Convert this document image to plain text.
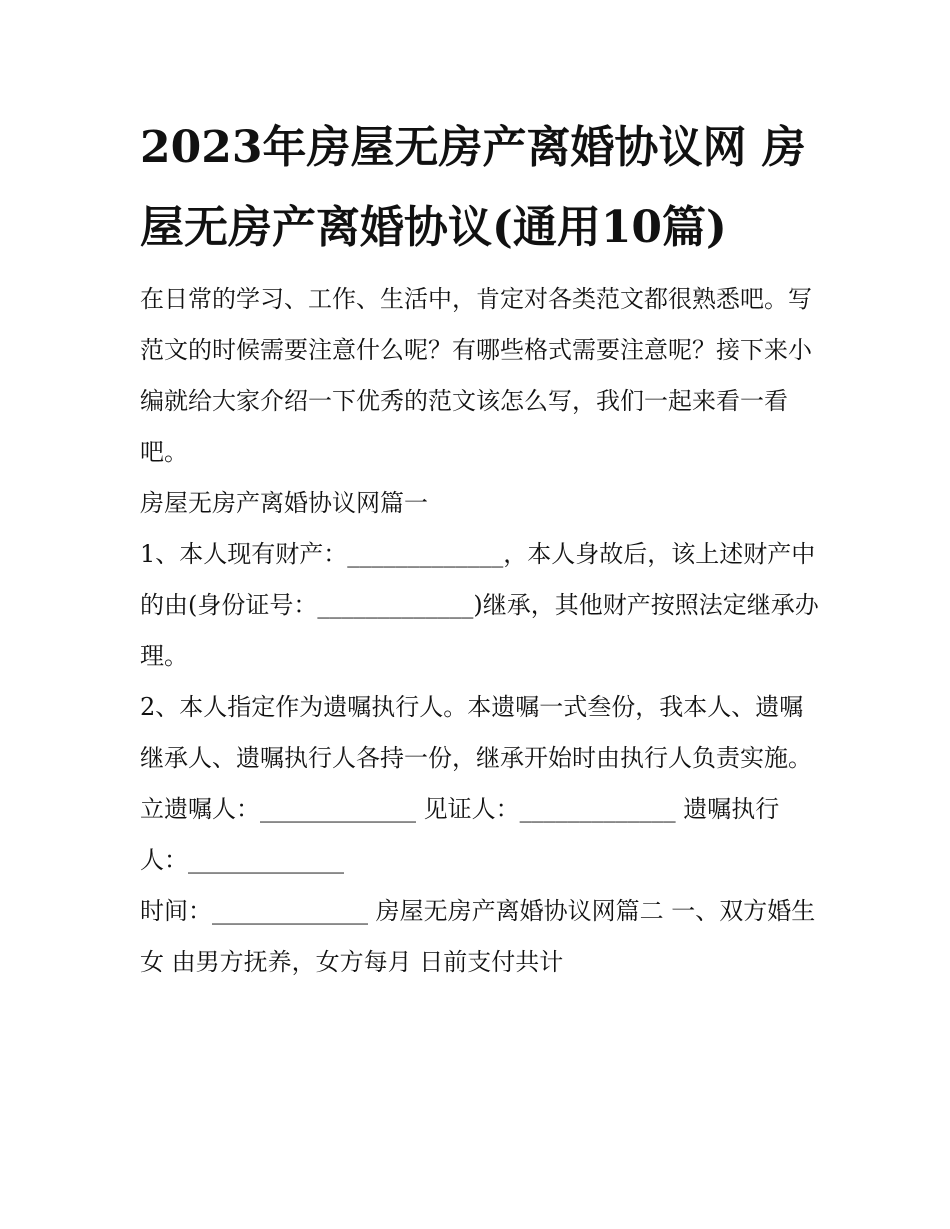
2023年房屋无房产离婚协议网 房屋无房产离婚协议(通用10篇)

在日常的学习、工作、生活中，肯定对各类范文都很熟悉吧。写范文的时候需要注意什么呢？有哪些格式需要注意呢？接下来小编就给大家介绍一下优秀的范文该怎么写，我们一起来看一看吧。

房屋无房产离婚协议网篇一

1、本人现有财产：_____________，本人身故后，该上述财产中的由(身份证号：_____________)继承，其他财产按照法定继承办理。

2、本人指定作为遗嘱执行人。本遗嘱一式叁份，我本人、遗嘱继承人、遗嘱执行人各持一份，继承开始时由执行人负责实施。

立遗嘱人：_____________ 见证人：_____________ 遗嘱执行人：_____________

时间：_____________ 房屋无房产离婚协议网篇二 一、双方婚生女 由男方抚养，女方每月 日前支付共计
